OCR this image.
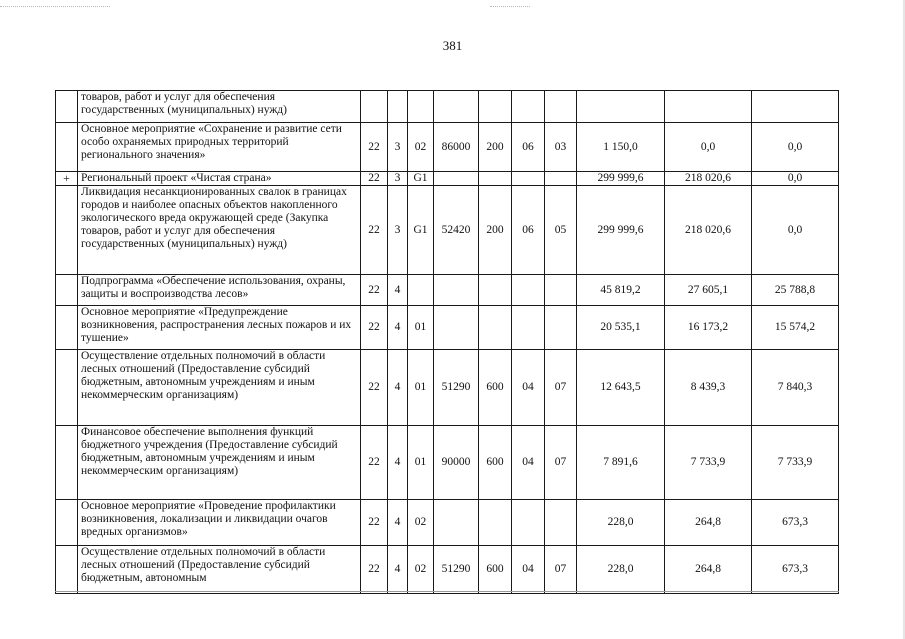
381
	товаров, работ и услуг для обеспечения государственных (муниципальных) нужд)										
	Основное мероприятие «Сохранение и развитие сети особо охраняемых природных территорий регионального значения»	22	3	02	86000	200	06	03	1 150,0	0,0	0,0
+	Региональный проект «Чистая страна»	22	3	G1					299 999,6	218 020,6	0,0
	Ликвидация несанкционированных свалок в границах городов и наиболее опасных объектов накопленного экологического вреда окружающей среде (Закупка товаров, работ и услуг для обеспечения государственных (муниципальных) нужд)	22	3	G1	52420	200	06	05	299 999,6	218 020,6	0,0
	Подпрограмма «Обеспечение использования, охраны, защиты и воспроизводства лесов»	22	4						45 819,2	27 605,1	25 788,8
	Основное мероприятие «Предупреждение возникновения, распространения лесных пожаров и их тушение»	22	4	01					20 535,1	16 173,2	15 574,2
	Осуществление отдельных полномочий в области лесных отношений (Предоставление субсидий бюджетным, автономным учреждениям и иным некоммерческим организациям)	22	4	01	51290	600	04	07	12 643,5	8 439,3	7 840,3
	Финансовое обеспечение выполнения функций бюджетного учреждения (Предоставление субсидий бюджетным, автономным учреждениям и иным некоммерческим организациям)	22	4	01	90000	600	04	07	7 891,6	7 733,9	7 733,9
	Основное мероприятие «Проведение профилактики возникновения, локализации и ликвидации очагов вредных организмов»	22	4	02					228,0	264,8	673,3
	Осуществление отдельных полномочий в области лесных отношений (Предоставление субсидий бюджетным, автономным	22	4	02	51290	600	04	07	228,0	264,8	673,3
